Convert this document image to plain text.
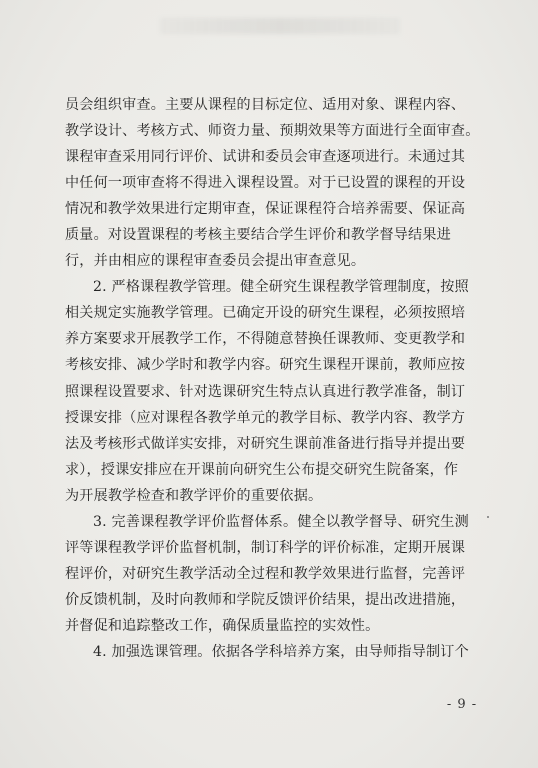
员会组织审查。主要从课程的目标定位、适用对象、课程内容、
教学设计、考核方式、师资力量、预期效果等方面进行全面审查。
课程审查采用同行评价、试讲和委员会审查逐项进行。未通过其
中任何一项审查将不得进入课程设置。对于已设置的课程的开设
情况和教学效果进行定期审查，保证课程符合培养需要、保证高
质量。对设置课程的考核主要结合学生评价和教学督导结果进
行，并由相应的课程审查委员会提出审查意见。
2. 严格课程教学管理。健全研究生课程教学管理制度，按照
相关规定实施教学管理。已确定开设的研究生课程，必须按照培
养方案要求开展教学工作，不得随意替换任课教师、变更教学和
考核安排、减少学时和教学内容。研究生课程开课前，教师应按
照课程设置要求、针对选课研究生特点认真进行教学准备，制订
授课安排（应对课程各教学单元的教学目标、教学内容、教学方
法及考核形式做详实安排，对研究生课前准备进行指导并提出要
求），授课安排应在开课前向研究生公布提交研究生院备案，作
为开展教学检查和教学评价的重要依据。
3. 完善课程教学评价监督体系。健全以教学督导、研究生测
评等课程教学评价监督机制，制订科学的评价标准，定期开展课
程评价，对研究生教学活动全过程和教学效果进行监督，完善评
价反馈机制，及时向教师和学院反馈评价结果，提出改进措施，
并督促和追踪整改工作，确保质量监控的实效性。
4. 加强选课管理。依据各学科培养方案，由导师指导制订个
- 9 -
